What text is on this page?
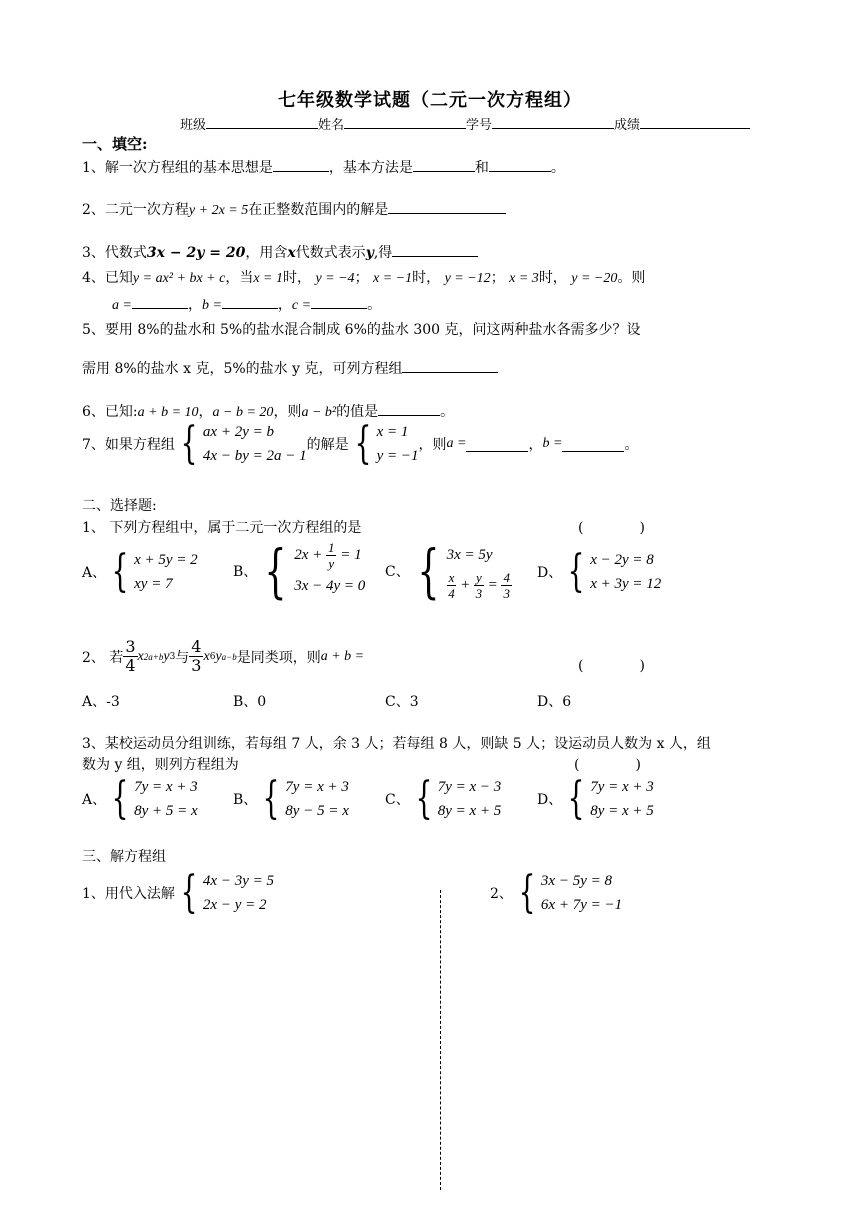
七年级数学试题（二元一次方程组）
班级	姓名	学号	成绩
一、填空:
1、解一次方程组的基本思想是	，基本方法是	和	。
2、二元一次方程y + 2x = 5在正整数范围内的解是
3、代数式3x − 2y = 20，用含x代数式表示y,得
4、已知y = ax² + bx + c，当x = 1时， y = −4； x = −1时， y = −12； x = 3时， y = −20。则
a =	，b =	，c =	。
5、要用 8%的盐水和 5%的盐水混合制成 6%的盐水 300 克，问这两种盐水各需多少？设
需用 8%的盐水 x 克，5%的盐水 y 克，可列方程组
6、已知:a + b = 10，a − b = 20，则a − b²的值是	。
7、如果方程组 { ax + 2y = b
4x − by = 2a − 1
的解是 { x = 1
y = −1
，则 a =	， b =	。
二、选择题:
1、 下列方程组中，属于二元一次方程组的是	(　　　　)
A、 { x + 5y = 2
xy = 7
B、 { $2x + \frac{1}{y} = 1$
3x − 4y = 0
C、 { 3x = 5y
$\frac{x}{4} + \frac{y}{3} = \frac{4}{3}$ D、 { x − 2y = 8
x + 3y = 12
2、 若 $\frac{3}{4}$ x 2a+b y 3 与 $\frac{4}{3}$ x 6 y a−b 是同类项，则 a + b =
(　　　　)
A、-3	B、0	C、3	D、6
3、某校运动员分组训练，若每组 7 人，余 3 人；若每组 8 人，则缺 5 人；设运动员人数为 x 人，组
数为 y 组，则列方程组为	(　　　　)
A、 { 7y = x + 3
8y + 5 = x
B、 { 7y = x + 3
8y − 5 = x
C、 { 7y = x − 3
8y = x + 5
D、 { 7y = x + 3
8y = x + 5
三、解方程组
1、用代入法解 { 4x − 3y = 5
2x − y = 2
2、 { 3x − 5y = 8
6x + 7y = −1
